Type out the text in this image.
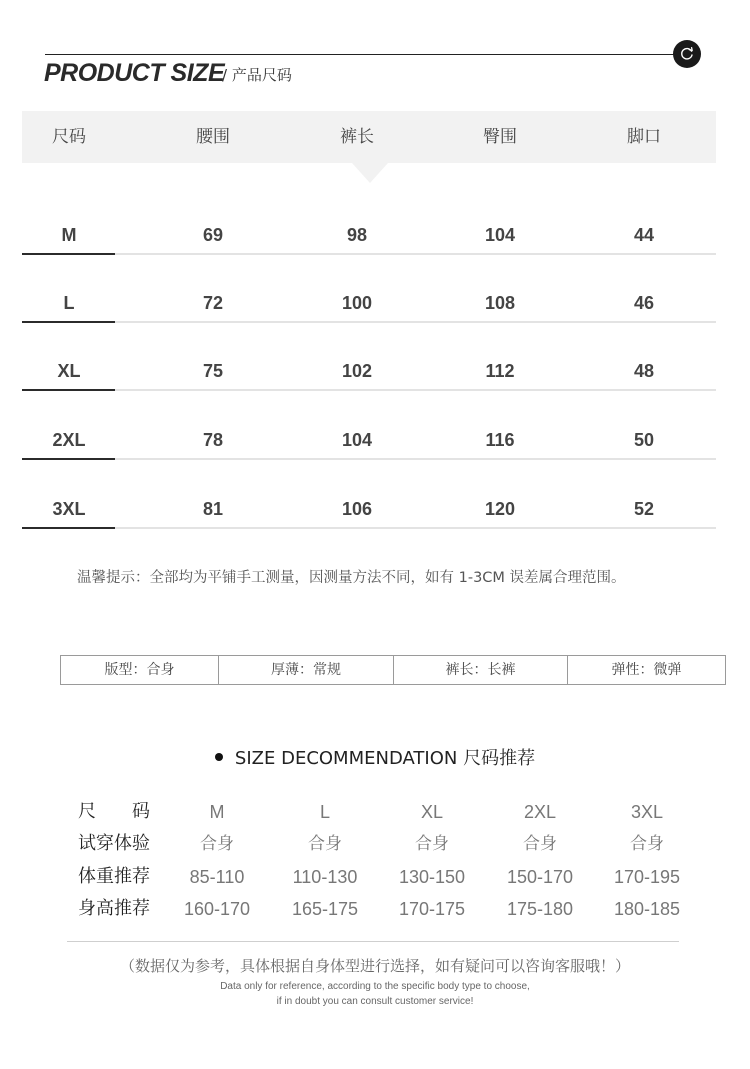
PRODUCT SIZE
/ 产品尺码
尺码	腰围	裤长	臀围	脚口
M	69	98	104	44
L	72	100	108	46
XL	75	102	112	48
2XL	78	104	116	50
3XL	81	106	120	52
温馨提示：全部均为平铺手工测量，因测量方法不同，如有 1-3CM 误差属合理范围。
版型：合身	厚薄：常规	裤长：长裤	弹性：微弹
SIZE DECOMMENDATION 尺码推荐
尺　　码	M	L	XL	2XL	3XL
试穿体验	合身	合身	合身	合身	合身
体重推荐	85-110	110-130	130-150	150-170	170-195
身高推荐	160-170	165-175	170-175	175-180	180-185
（数据仅为参考，具体根据自身体型进行选择，如有疑问可以咨询客服哦！）
Data only for reference, according to the specific body type to choose,
if in doubt you can consult customer service!
